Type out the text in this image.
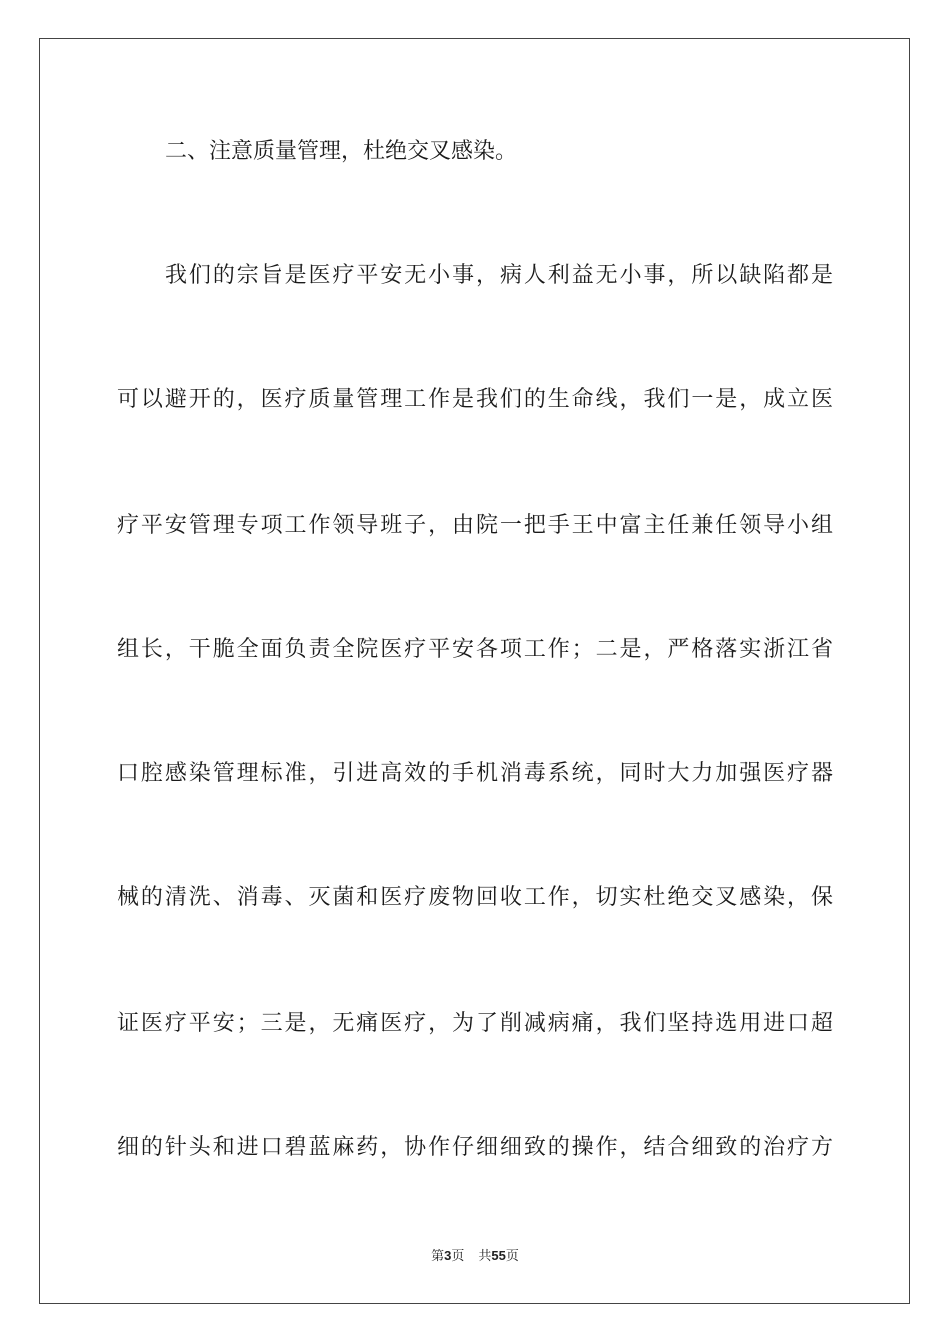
二、注意质量管理，杜绝交叉感染。
我们的宗旨是医疗平安无小事，病人利益无小事，所以缺陷都是
可以避开的，医疗质量管理工作是我们的生命线，我们一是，成立医
疗平安管理专项工作领导班子，由院一把手王中富主任兼任领导小组
组长，干脆全面负责全院医疗平安各项工作；二是，严格落实浙江省
口腔感染管理标准，引进高效的手机消毒系统，同时大力加强医疗器
械的清洗、消毒、灭菌和医疗废物回收工作，切实杜绝交叉感染，保
证医疗平安；三是，无痛医疗，为了削减病痛，我们坚持选用进口超
细的针头和进口碧蓝麻药，协作仔细细致的操作，结合细致的治疗方
第3页 共55页
